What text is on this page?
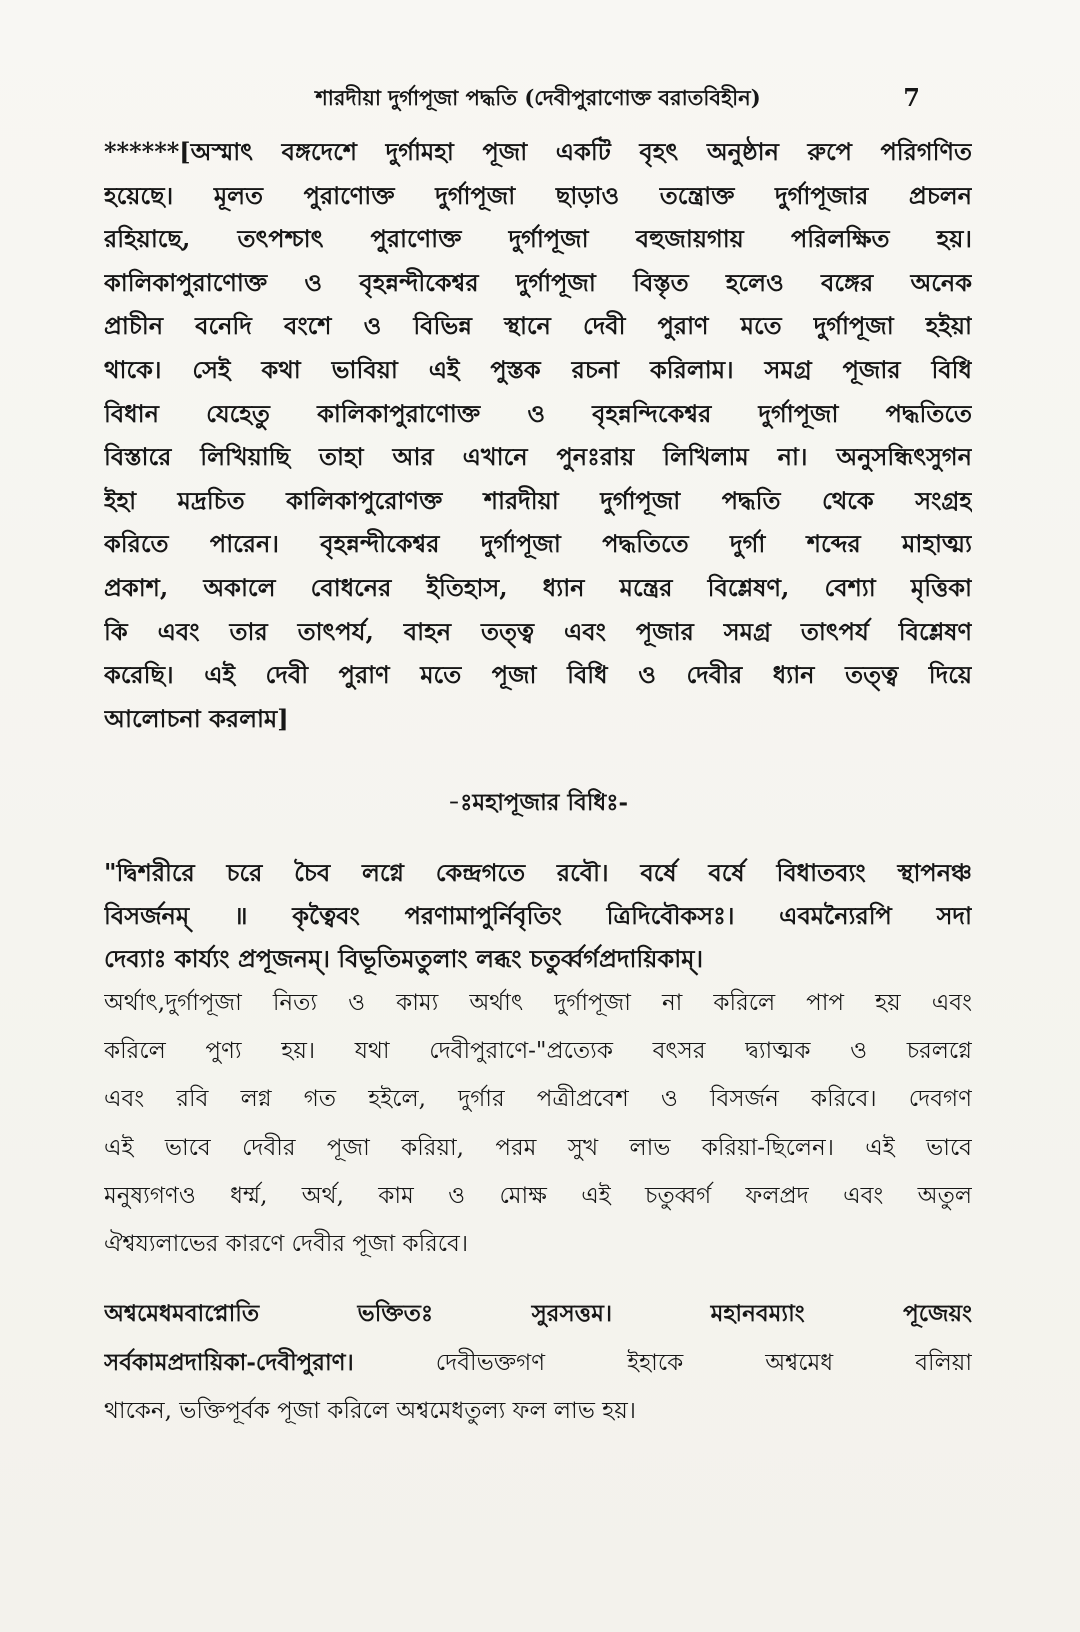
শারদীয়া দুর্গাপূজা পদ্ধতি (দেবীপুরাণোক্ত বরাতবিহীন)	7
******[অস্মাৎ বঙ্গদেশে দুর্গামহা পূজা একটি বৃহৎ অনুষ্ঠান রুপে পরিগণিত
হয়েছে। মূলত পুরাণোক্ত দুর্গাপূজা ছাড়াও তন্ত্রোক্ত দুর্গাপূজার প্রচলন
রহিয়াছে, তৎপশ্চাৎ পুরাণোক্ত দুর্গাপূজা বহুজায়গায় পরিলক্ষিত হয়।
কালিকাপুরাণোক্ত ও বৃহন্নন্দীকেশ্বর দুর্গাপূজা বিস্তৃত হলেও বঙ্গের অনেক
প্রাচীন বনেদি বংশে ও বিভিন্ন স্থানে দেবী পুরাণ মতে দুর্গাপূজা হইয়া
থাকে। সেই কথা ভাবিয়া এই পুস্তক রচনা করিলাম। সমগ্র পূজার বিধি
বিধান যেহেতু কালিকাপুরাণোক্ত ও বৃহন্নন্দিকেশ্বর দুর্গাপূজা পদ্ধতিতে
বিস্তারে লিখিয়াছি তাহা আর এখানে পুনঃরায় লিখিলাম না। অনুসন্ধিৎসুগন
ইহা মদ্রচিত কালিকাপুরোণক্ত শারদীয়া দুর্গাপূজা পদ্ধতি থেকে সংগ্রহ
করিতে পারেন। বৃহন্নন্দীকেশ্বর দুর্গাপূজা পদ্ধতিতে দুর্গা শব্দের মাহাত্ম্য
প্রকাশ, অকালে বোধনের ইতিহাস, ধ্যান মন্ত্রের বিশ্লেষণ, বেশ্যা মৃত্তিকা
কি এবং তার তাৎপর্য, বাহন তত্ত্ব এবং পূজার সমগ্র তাৎপর্য বিশ্লেষণ
করেছি। এই দেবী পুরাণ মতে পূজা বিধি ও দেবীর ধ্যান তত্ত্ব দিয়ে
আলোচনা করলাম]
-ঃমহাপূজার বিধিঃ-
"দ্বিশরীরে চরে চৈব লগ্নে কেন্দ্রগতে রবৌ। বর্ষে বর্ষে বিধাতব্যং স্থাপনঞ্চ
বিসর্জনম্ ॥ কৃত্বৈবং পরণামাপুর্নিবৃতিং ত্রিদিবৌকসঃ। এবমন্যৈরপি সদা
দেব্যাঃ কার্য্যং প্রপূজনম্। বিভূতিমতুলাং লব্ধং চতুর্ব্বর্গপ্রদায়িকাম্।
অর্থাৎ,দুর্গাপূজা নিত্য ও কাম্য অর্থাৎ দুর্গাপূজা না করিলে পাপ হয় এবং
করিলে পুণ্য হয়। যথা দেবীপুরাণে-"প্রত্যেক বৎসর দ্ব্যাত্মক ও চরলগ্নে
এবং রবি লগ্ন গত হইলে, দুর্গার পত্রীপ্রবেশ ও বিসর্জন করিবে। দেবগণ
এই ভাবে দেবীর পূজা করিয়া, পরম সুখ লাভ করিয়া-ছিলেন। এই ভাবে
মনুষ্যগণও ধর্ম্ম, অর্থ, কাম ও মোক্ষ এই চতুব্বর্গ ফলপ্রদ এবং অতুল
ঐশ্বয্যলাভের কারণে দেবীর পূজা করিবে।
অশ্বমেধমবাপ্নোতি ভক্তিতঃ সুরসত্তম। মহানবম্যাং পূজেয়ং
সর্বকামপ্রদায়িকা-দেবীপুরাণ। দেবীভক্তগণ ইহাকে অশ্বমেধ বলিয়া
থাকেন, ভক্তিপূর্বক পূজা করিলে অশ্বমেধতুল্য ফল লাভ হয়।
